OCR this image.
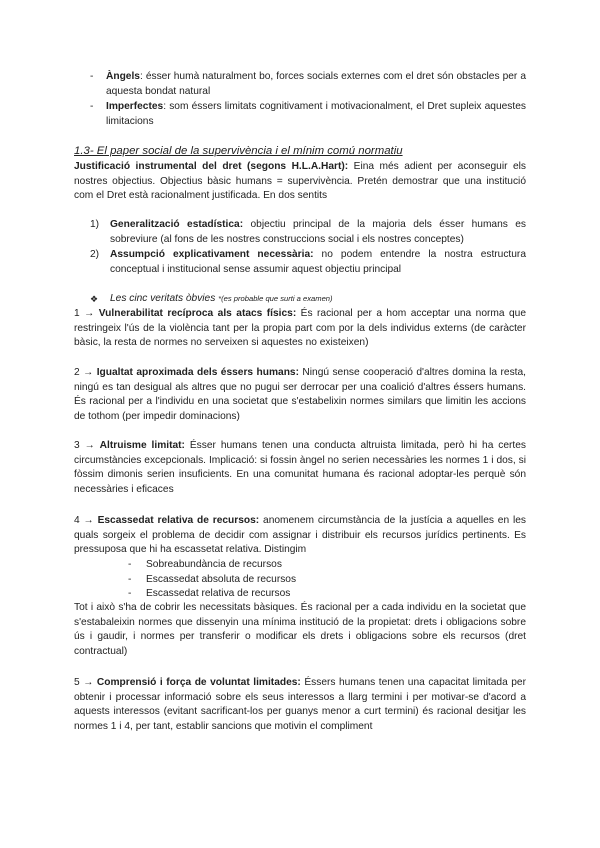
- Àngels: ésser humà naturalment bo, forces socials externes com el dret són obstacles per a aquesta bondat natural
- Imperfectes: som éssers limitats cognitivament i motivacionalment, el Dret supleix aquestes limitacions
1.3- El paper social de la supervivència i el mínim comú normatiu
Justificació instrumental del dret (segons H.L.A.Hart): Eina més adient per aconseguir els nostres objectius. Objectius bàsic humans = supervivència. Pretén demostrar que una institució com el Dret està racionalment justificada. En dos sentits
1) Generalització estadística: objectiu principal de la majoria dels ésser humans es sobreviure (al fons de les nostres construccions social i els nostres conceptes)
2) Assumpció explicativament necessària: no podem entendre la nostra estructura conceptual i institucional sense assumir aquest objectiu principal
❖ Les cinc veritats òbvies *(es probable que surti a examen)
1 → Vulnerabilitat recíproca als atacs físics: És racional per a hom acceptar una norma que restringeix l'ús de la violència tant per la propia part com por la dels individus externs (de caràcter bàsic, la resta de normes no serveixen si aquestes no existeixen)
2 → Igualtat aproximada dels éssers humans: Ningú sense cooperació d'altres domina la resta, ningú es tan desigual als altres que no pugui ser derrocar per una coalició d'altres éssers humans. És racional per a l'individu en una societat que s'estabelixin normes similars que limitin les accions de tothom (per impedir dominacions)
3 → Altruisme limitat: Ésser humans tenen una conducta altruista limitada, però hi ha certes circumstàncies excepcionals. Implicació: si fossin àngel no serien necessàries les normes 1 i dos, si fòssim dimonis serien insuficients. En una comunitat humana és racional adoptar-les perquè són necessàries i eficaces
4 → Escassedat relativa de recursos: anomenem circumstància de la justícia a aquelles en les quals sorgeix el problema de decidir com assignar i distribuir els recursos jurídics pertinents. Es pressuposa que hi ha escassetat relativa. Distingim
- Sobreabundància de recursos
- Escassedat absoluta de recursos
- Escassedat relativa de recursos
Tot i això s'ha de cobrir les necessitats bàsiques. És racional per a cada individu en la societat que s'estabaleixin normes que dissenyin una mínima institució de la propietat: drets i obligacions sobre ús i gaudir, i normes per transferir o modificar els drets i obligacions sobre els recursos (dret contractual)
5 → Comprensió i força de voluntat limitades: Éssers humans tenen una capacitat limitada per obtenir i processar informació sobre els seus interessos a llarg termini i per motivar-se d'acord a aquests interessos (evitant sacrificant-los per guanys menor a curt termini) és racional desitjar les normes 1 i 4, per tant, establir sancions que motivin el compliment
